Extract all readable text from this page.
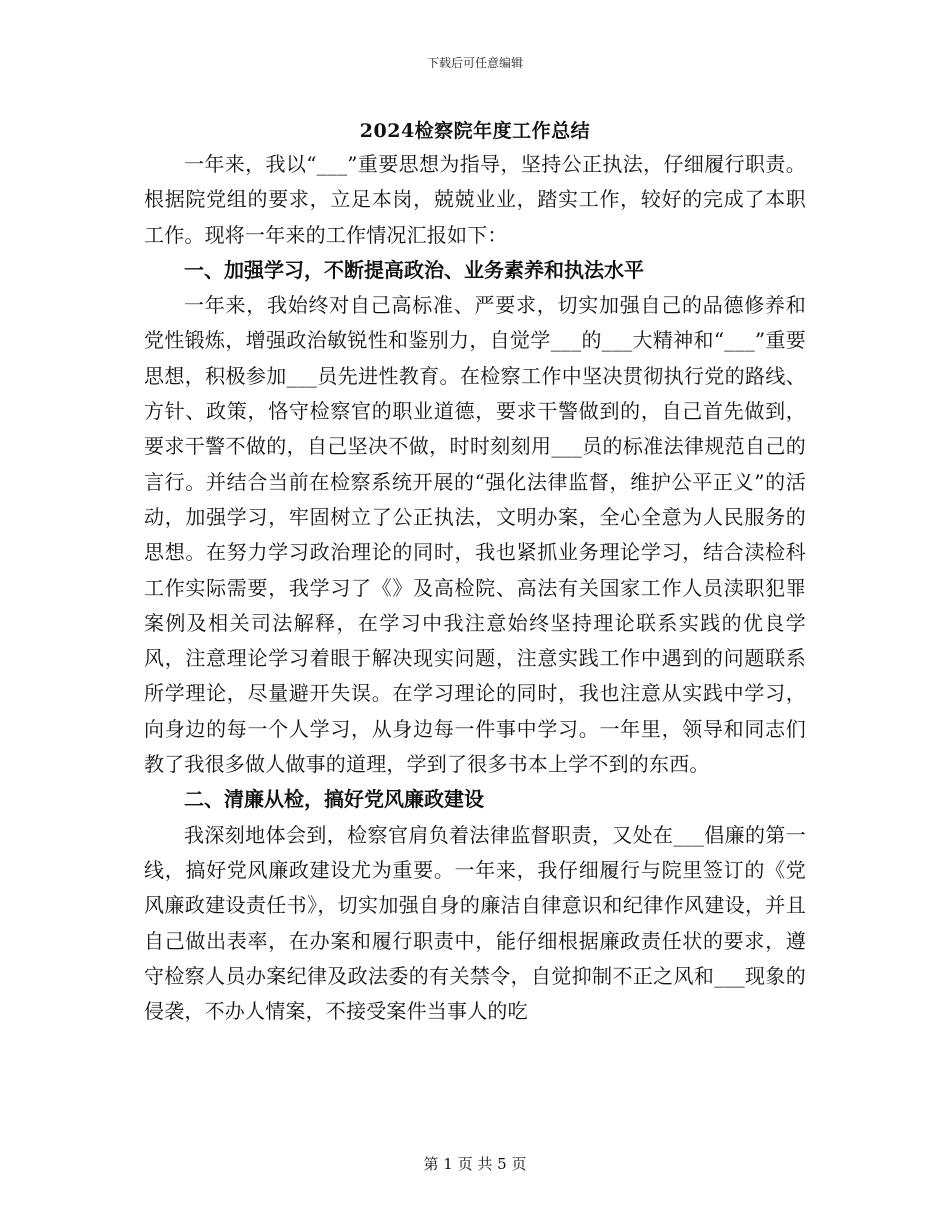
下载后可任意编辑
2024检察院年度工作总结

一年来，我以“___”重要思想为指导，坚持公正执法，仔细履行职责。根据院党组的要求，立足本岗，兢兢业业，踏实工作，较好的完成了本职工作。现将一年来的工作情况汇报如下：

一、加强学习，不断提高政治、业务素养和执法水平

一年来，我始终对自己高标准、严要求，切实加强自己的品德修养和党性锻炼，增强政治敏锐性和鉴别力，自觉学___的___大精神和“___”重要思想，积极参加___员先进性教育。在检察工作中坚决贯彻执行党的路线、方针、政策，恪守检察官的职业道德，要求干警做到的，自己首先做到，要求干警不做的，自己坚决不做，时时刻刻用___员的标准法律规范自己的言行。并结合当前在检察系统开展的“强化法律监督，维护公平正义”的活动，加强学习，牢固树立了公正执法，文明办案，全心全意为人民服务的思想。在努力学习政治理论的同时，我也紧抓业务理论学习，结合渎检科工作实际需要，我学习了《》及高检院、高法有关国家工作人员渎职犯罪案例及相关司法解释，在学习中我注意始终坚持理论联系实践的优良学风，注意理论学习着眼于解决现实问题，注意实践工作中遇到的问题联系所学理论，尽量避开失误。在学习理论的同时，我也注意从实践中学习，向身边的每一个人学习，从身边每一件事中学习。一年里，领导和同志们教了我很多做人做事的道理，学到了很多书本上学不到的东西。

二、清廉从检，搞好党风廉政建设

我深刻地体会到，检察官肩负着法律监督职责，又处在___倡廉的第一线，搞好党风廉政建设尤为重要。一年来，我仔细履行与院里签订的《党风廉政建设责任书》，切实加强自身的廉洁自律意识和纪律作风建设，并且自己做出表率，在办案和履行职责中，能仔细根据廉政责任状的要求，遵守检察人员办案纪律及政法委的有关禁令，自觉抑制不正之风和___现象的侵袭，不办人情案，不接受案件当事人的吃

第 1 页 共 5 页
